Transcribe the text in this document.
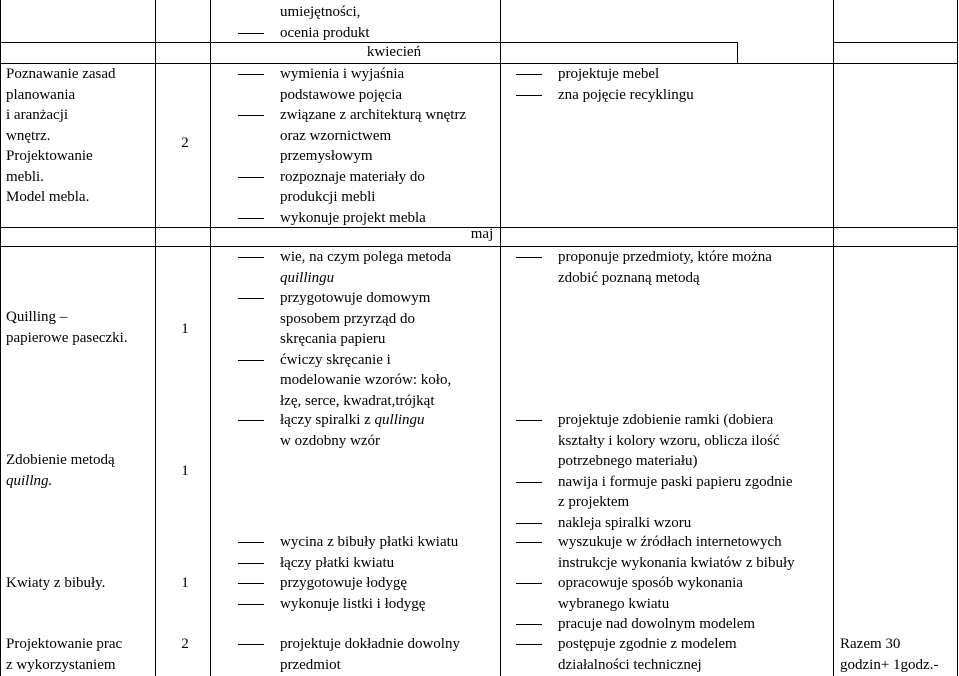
umiejętności,
ocenia produkt
kwiecień
maj
Poznawanie zasad
planowania
i aranżacji
wnętrz.
Projektowanie
mebli.
Model mebla.
2
wymienia i wyjaśnia
podstawowe pojęcia
związane z architekturą wnętrz
oraz wzornictwem
przemysłowym
rozpoznaje materiały do
produkcji mebli
wykonuje projekt mebla
projektuje mebel
zna pojęcie recyklingu
Quilling –
papierowe paseczki.
1
wie, na czym polega metoda
quillingu
przygotowuje domowym
sposobem przyrząd do
skręcania papieru
ćwiczy skręcanie i
modelowanie wzorów: koło,
łzę, serce, kwadrat,trójkąt
proponuje przedmioty, które można
zdobić poznaną metodą
Zdobienie metodą
quillng.
1
łączy spiralki z qullingu
w ozdobny wzór
projektuje zdobienie ramki (dobiera
kształty i kolory wzoru, oblicza ilość
potrzebnego materiału)
nawija i formuje paski papieru zgodnie
z projektem
nakleja spiralki wzoru
Kwiaty z bibuły.	1
wycina z bibuły płatki kwiatu
łączy płatki kwiatu
przygotowuje łodygę
wykonuje listki i łodygę
wyszukuje w źródłach internetowych
instrukcje wykonania kwiatów z bibuły
opracowuje sposób wykonania
wybranego kwiatu
pracuje nad dowolnym modelem
Projektowanie prac
z wykorzystaniem
2	projektuje dokładnie dowolny
przedmiot
postępuje zgodnie z modelem
działalności technicznej
Razem 30
godzin+ 1godz.-
